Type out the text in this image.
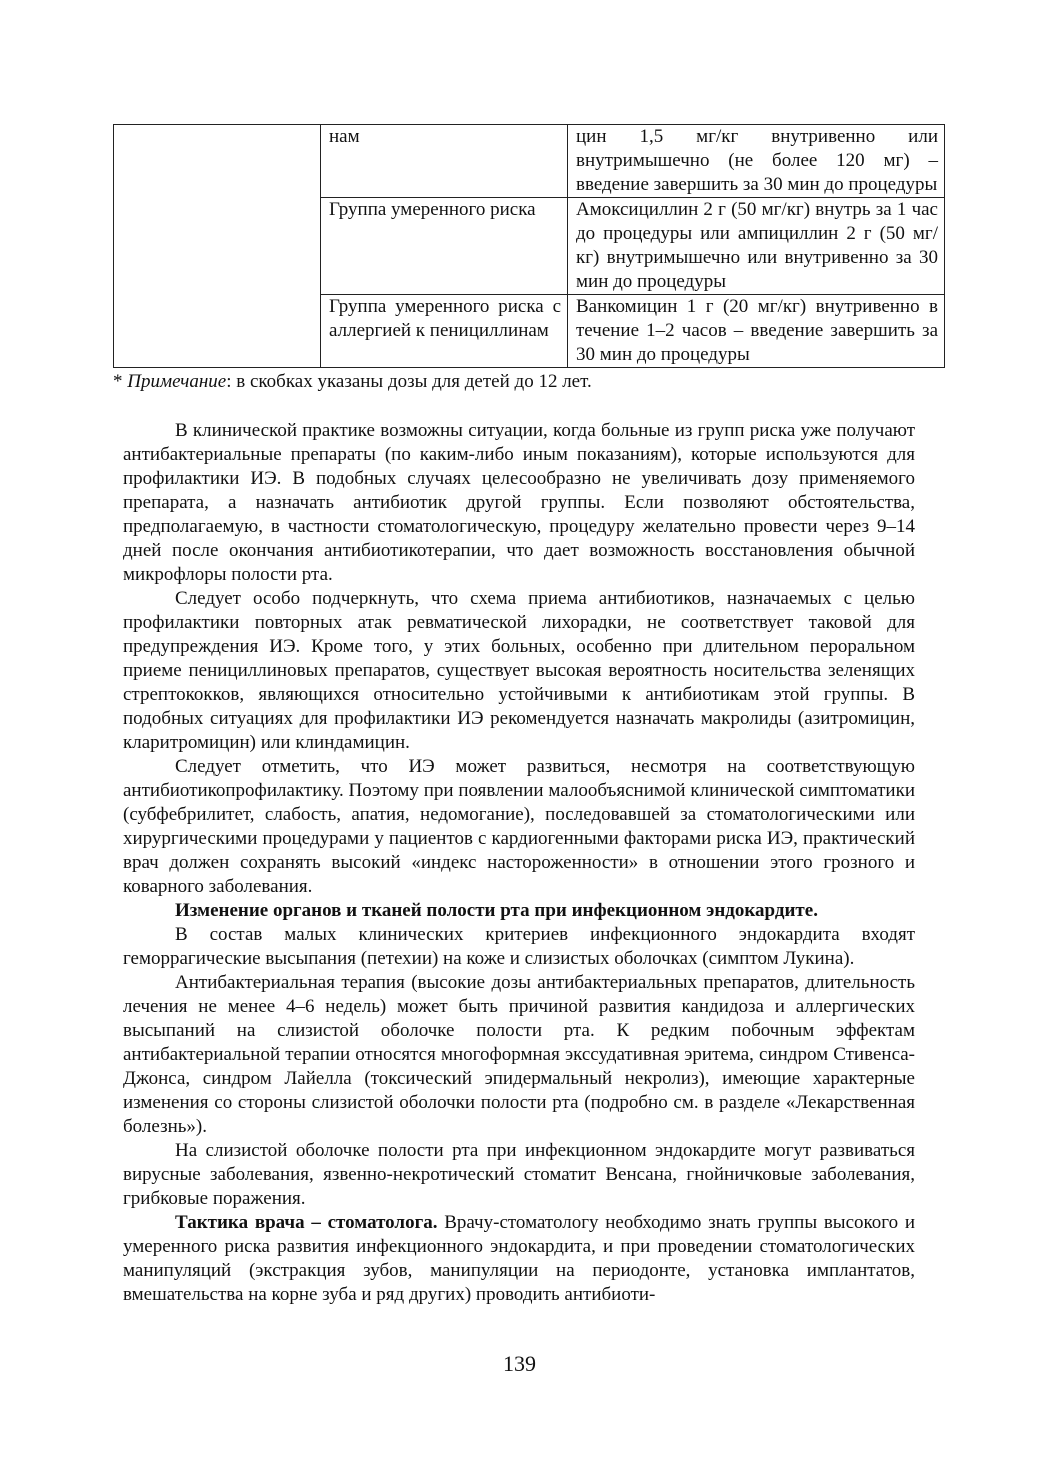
	нам	цин 1,5 мг/кг внутривенно или внутримышечно (не более 120 мг) – введение завершить за 30 мин до процедуры
	Группа умеренного риска	Амоксициллин 2 г (50 мг/кг) внутрь за 1 час до процедуры или ампициллин 2 г (50 мг/кг) внутримышечно или внутривенно за 30 мин до процедуры
	Группа умеренного риска с аллергией к пенициллинам	Ванкомицин 1 г (20 мг/кг) внутривенно в течение 1–2 часов – введение завершить за 30 мин до процедуры
* Примечание: в скобках указаны дозы для детей до 12 лет.

В клинической практике возможны ситуации, когда больные из групп риска уже получают антибактериальные препараты (по каким-либо иным показаниям), которые используются для профилактики ИЭ. В подобных случаях целесообразно не увеличивать дозу применяемого препарата, а назначать антибиотик другой группы. Если позволяют обстоятельства, предполагаемую, в частности стоматологическую, процедуру желательно провести через 9–14 дней после окончания антибиотикотерапии, что дает возможность восстановления обычной микрофлоры полости рта.

Следует особо подчеркнуть, что схема приема антибиотиков, назначаемых с целью профилактики повторных атак ревматической лихорадки, не соответствует таковой для предупреждения ИЭ. Кроме того, у этих больных, особенно при длительном пероральном приеме пенициллиновых препаратов, существует высокая вероятность носительства зеленящих стрептококков, являющихся относительно устойчивыми к антибиотикам этой группы. В подобных ситуациях для профилактики ИЭ рекомендуется назначать макролиды (азитромицин, кларитромицин) или клиндамицин.

Следует отметить, что ИЭ может развиться, несмотря на соответствующую антибиотикопрофилактику. Поэтому при появлении малообъяснимой клинической симптоматики (субфебрилитет, слабость, апатия, недомогание), последовавшей за стоматологическими или хирургическими процедурами у пациентов с кардиогенными факторами риска ИЭ, практический врач должен сохранять высокий «индекс настороженности» в отношении этого грозного и коварного заболевания.

Изменение органов и тканей полости рта при инфекционном эндокардите.

В состав малых клинических критериев инфекционного эндокардита входят геморрагические высыпания (петехии) на коже и слизистых оболочках (симптом Лукина).

Антибактериальная терапия (высокие дозы антибактериальных препаратов, длительность лечения не менее 4–6 недель) может быть причиной развития кандидоза и аллергических высыпаний на слизистой оболочке полости рта. К редким побочным эффектам антибактериальной терапии относятся многоформная экссудативная эритема, синдром Стивенса-Джонса, синдром Лайелла (токсический эпидермальный некролиз), имеющие характерные изменения со стороны слизистой оболочки полости рта (подробно см. в разделе «Лекарственная болезнь»).

На слизистой оболочке полости рта при инфекционном эндокардите могут развиваться вирусные заболевания, язвенно-некротический стоматит Венсана, гнойничковые заболевания, грибковые поражения.

Тактика врача – стоматолога. Врачу-стоматологу необходимо знать группы высокого и умеренного риска развития инфекционного эндокардита, и при проведении стоматологических манипуляций (экстракция зубов, манипуляции на периодонте, установка имплантатов, вмешательства на корне зуба и ряд других) проводить антибиоти-

139
